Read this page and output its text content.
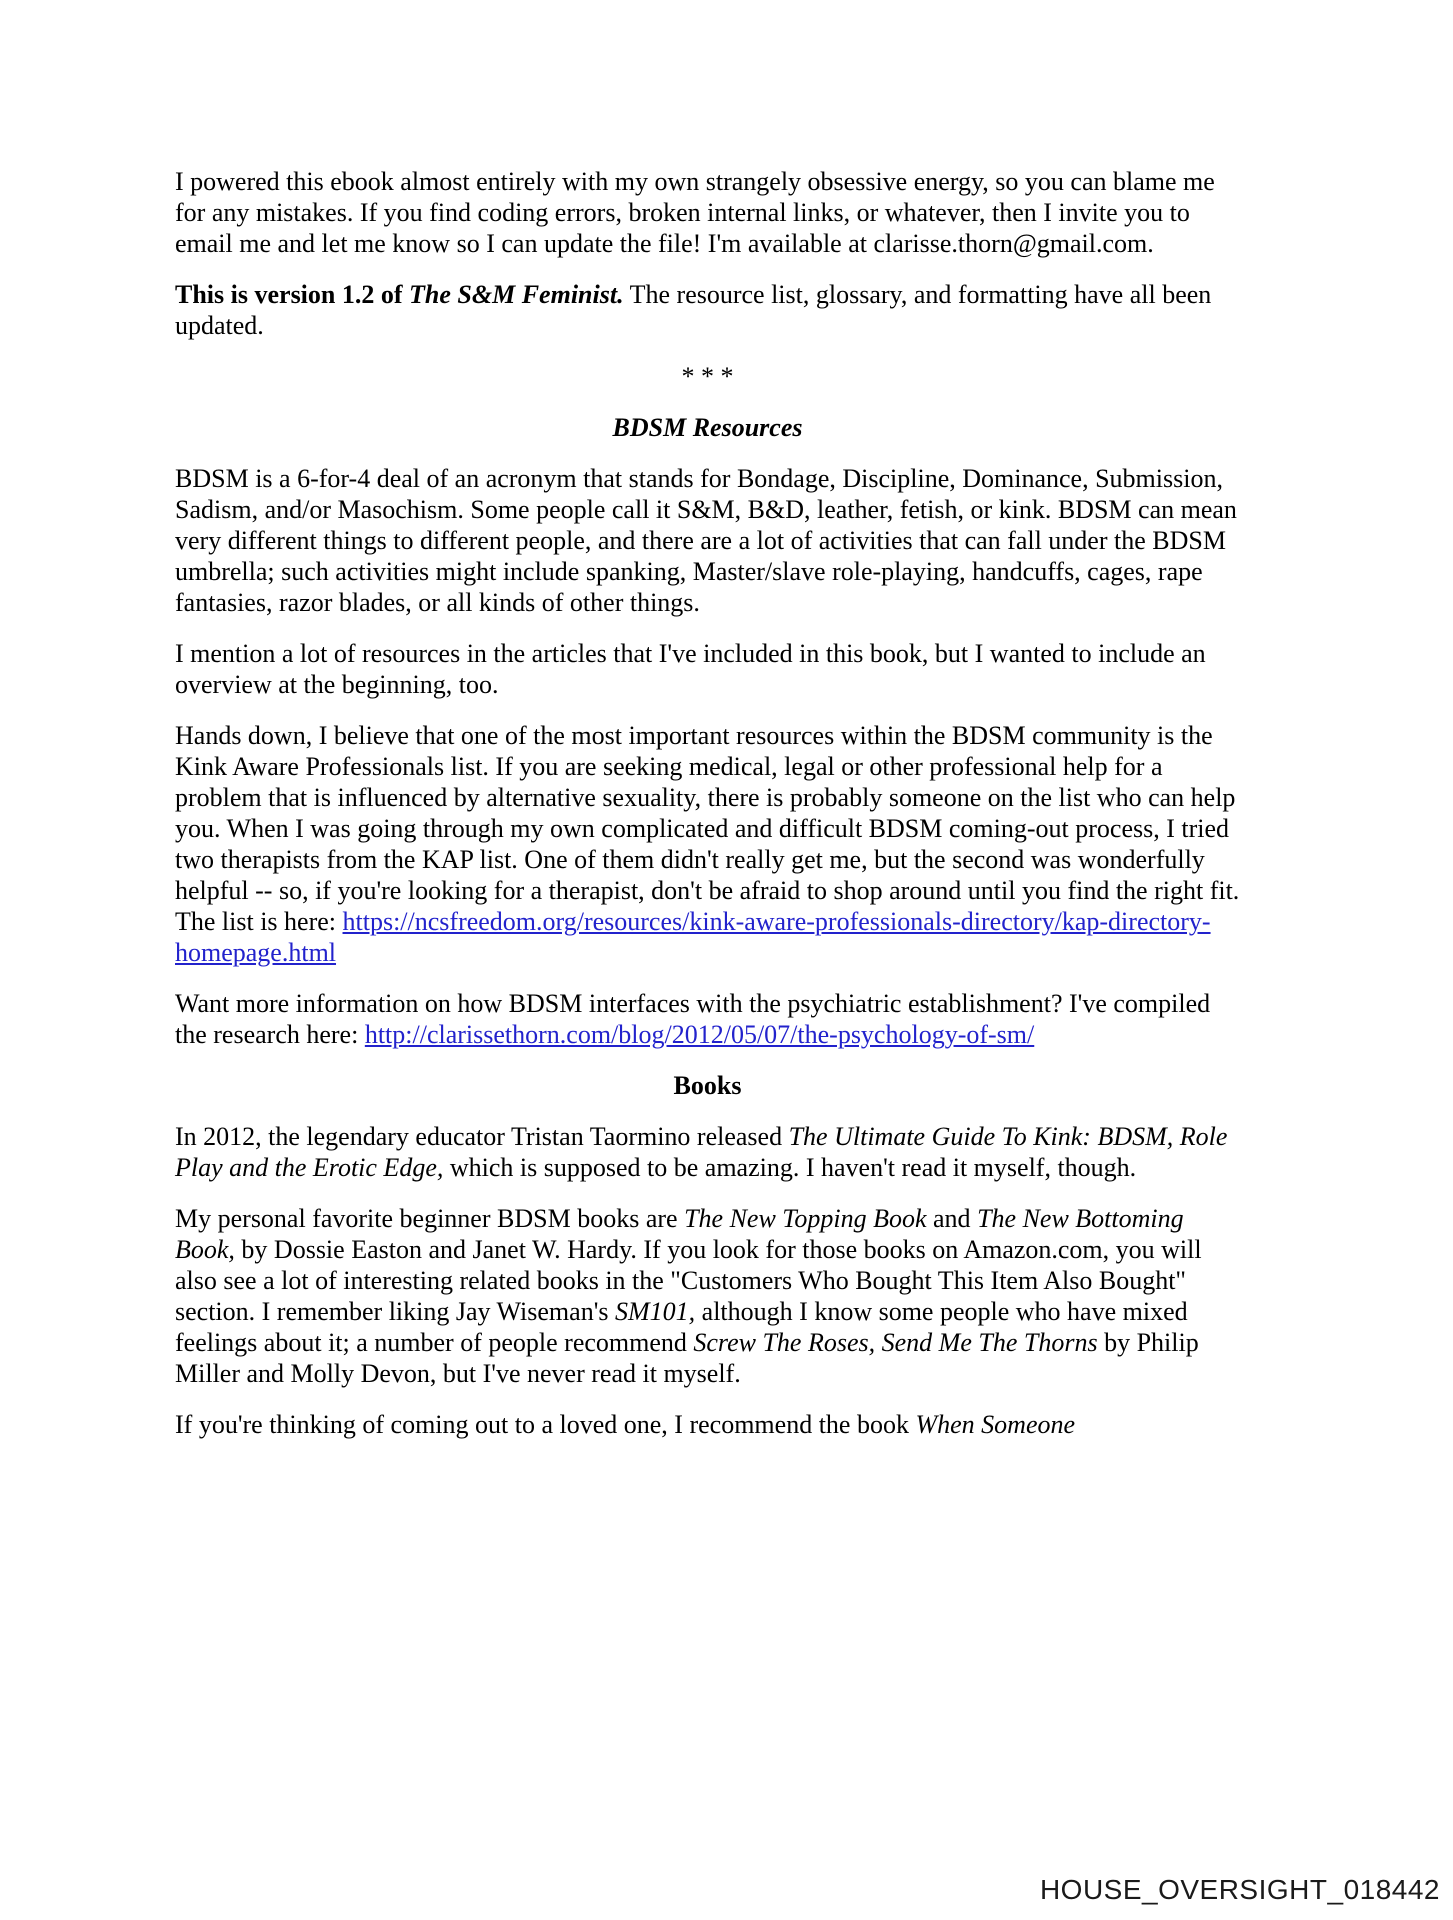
I powered this ebook almost entirely with my own strangely obsessive energy, so you can blame me for any mistakes. If you find coding errors, broken internal links, or whatever, then I invite you to email me and let me know so I can update the file! I'm available at clarisse.thorn@gmail.com.

This is version 1.2 of The S&M Feminist. The resource list, glossary, and formatting have all been updated.

* * *

BDSM Resources

BDSM is a 6-for-4 deal of an acronym that stands for Bondage, Discipline, Dominance, Submission, Sadism, and/or Masochism. Some people call it S&M, B&D, leather, fetish, or kink. BDSM can mean very different things to different people, and there are a lot of activities that can fall under the BDSM umbrella; such activities might include spanking, Master/slave role-playing, handcuffs, cages, rape fantasies, razor blades, or all kinds of other things.

I mention a lot of resources in the articles that I've included in this book, but I wanted to include an overview at the beginning, too.

Hands down, I believe that one of the most important resources within the BDSM community is the Kink Aware Professionals list. If you are seeking medical, legal or other professional help for a problem that is influenced by alternative sexuality, there is probably someone on the list who can help you. When I was going through my own complicated and difficult BDSM coming-out process, I tried two therapists from the KAP list. One of them didn't really get me, but the second was wonderfully helpful -- so, if you're looking for a therapist, don't be afraid to shop around until you find the right fit. The list is here: https://ncsfreedom.org/resources/kink-aware-professionals-directory/kap-directory-homepage.html

Want more information on how BDSM interfaces with the psychiatric establishment? I've compiled the research here: http://clarissethorn.com/blog/2012/05/07/the-psychology-of-sm/

Books

In 2012, the legendary educator Tristan Taormino released The Ultimate Guide To Kink: BDSM, Role Play and the Erotic Edge, which is supposed to be amazing. I haven't read it myself, though.

My personal favorite beginner BDSM books are The New Topping Book and The New Bottoming Book, by Dossie Easton and Janet W. Hardy. If you look for those books on Amazon.com, you will also see a lot of interesting related books in the "Customers Who Bought This Item Also Bought" section. I remember liking Jay Wiseman's SM101, although I know some people who have mixed feelings about it; a number of people recommend Screw The Roses, Send Me The Thorns by Philip Miller and Molly Devon, but I've never read it myself.

If you're thinking of coming out to a loved one, I recommend the book When Someone

HOUSE_OVERSIGHT_018442
